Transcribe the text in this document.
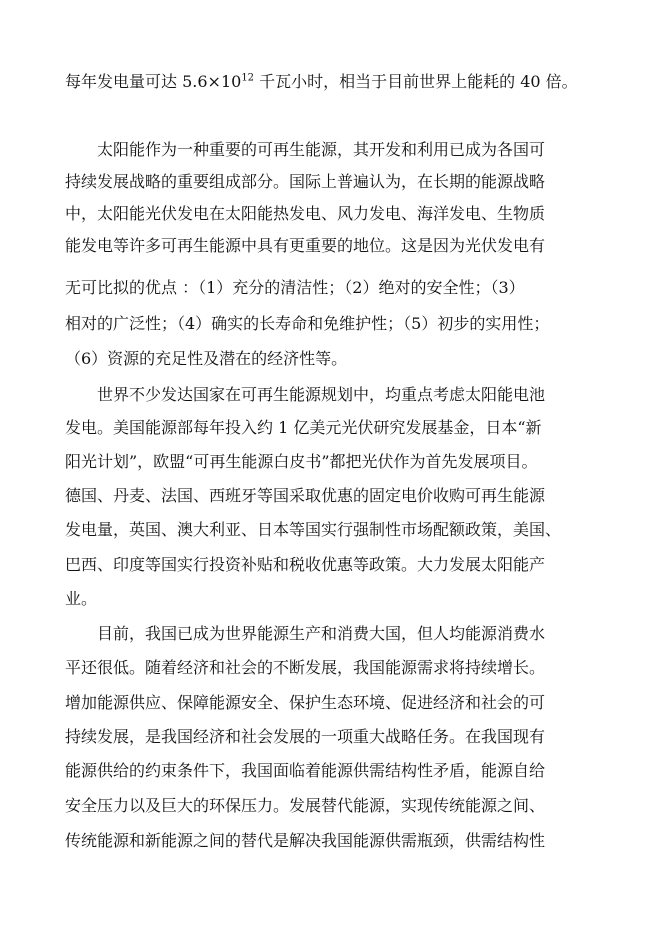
每年发电量可达 $5.6\times 10^{12}$ 千瓦小时，相当于目前世界上能耗的 40 倍。
太阳能作为一种重要的可再生能源，其开发和利用已成为各国可
持续发展战略的重要组成部分。国际上普遍认为，在长期的能源战略
中，太阳能光伏发电在太阳能热发电、风力发电、海洋发电、生物质
能发电等许多可再生能源中具有更重要的地位。这是因为光伏发电有
无可比拟的优点 ：（1）充分的清洁性；（2）绝对的安全性；（3）
相对的广泛性；（4）确实的长寿命和免维护性；（5）初步的实用性；
（6）资源的充足性及潜在的经济性等。
世界不少发达国家在可再生能源规划中，均重点考虑太阳能电池
发电。美国能源部每年投入约 1 亿美元光伏研究发展基金，日本“新
阳光计划”，欧盟“可再生能源白皮书”都把光伏作为首先发展项目。
德国、丹麦、法国、西班牙等国采取优惠的固定电价收购可再生能源
发电量，英国、澳大利亚、日本等国实行强制性市场配额政策，美国、
巴西、印度等国实行投资补贴和税收优惠等政策。大力发展太阳能产
业。
目前，我国已成为世界能源生产和消费大国，但人均能源消费水
平还很低。随着经济和社会的不断发展，我国能源需求将持续增长。
增加能源供应、保障能源安全、保护生态环境、促进经济和社会的可
持续发展，是我国经济和社会发展的一项重大战略任务。在我国现有
能源供给的约束条件下，我国面临着能源供需结构性矛盾，能源自给
安全压力以及巨大的环保压力。发展替代能源，实现传统能源之间、
传统能源和新能源之间的替代是解决我国能源供需瓶颈，供需结构性
